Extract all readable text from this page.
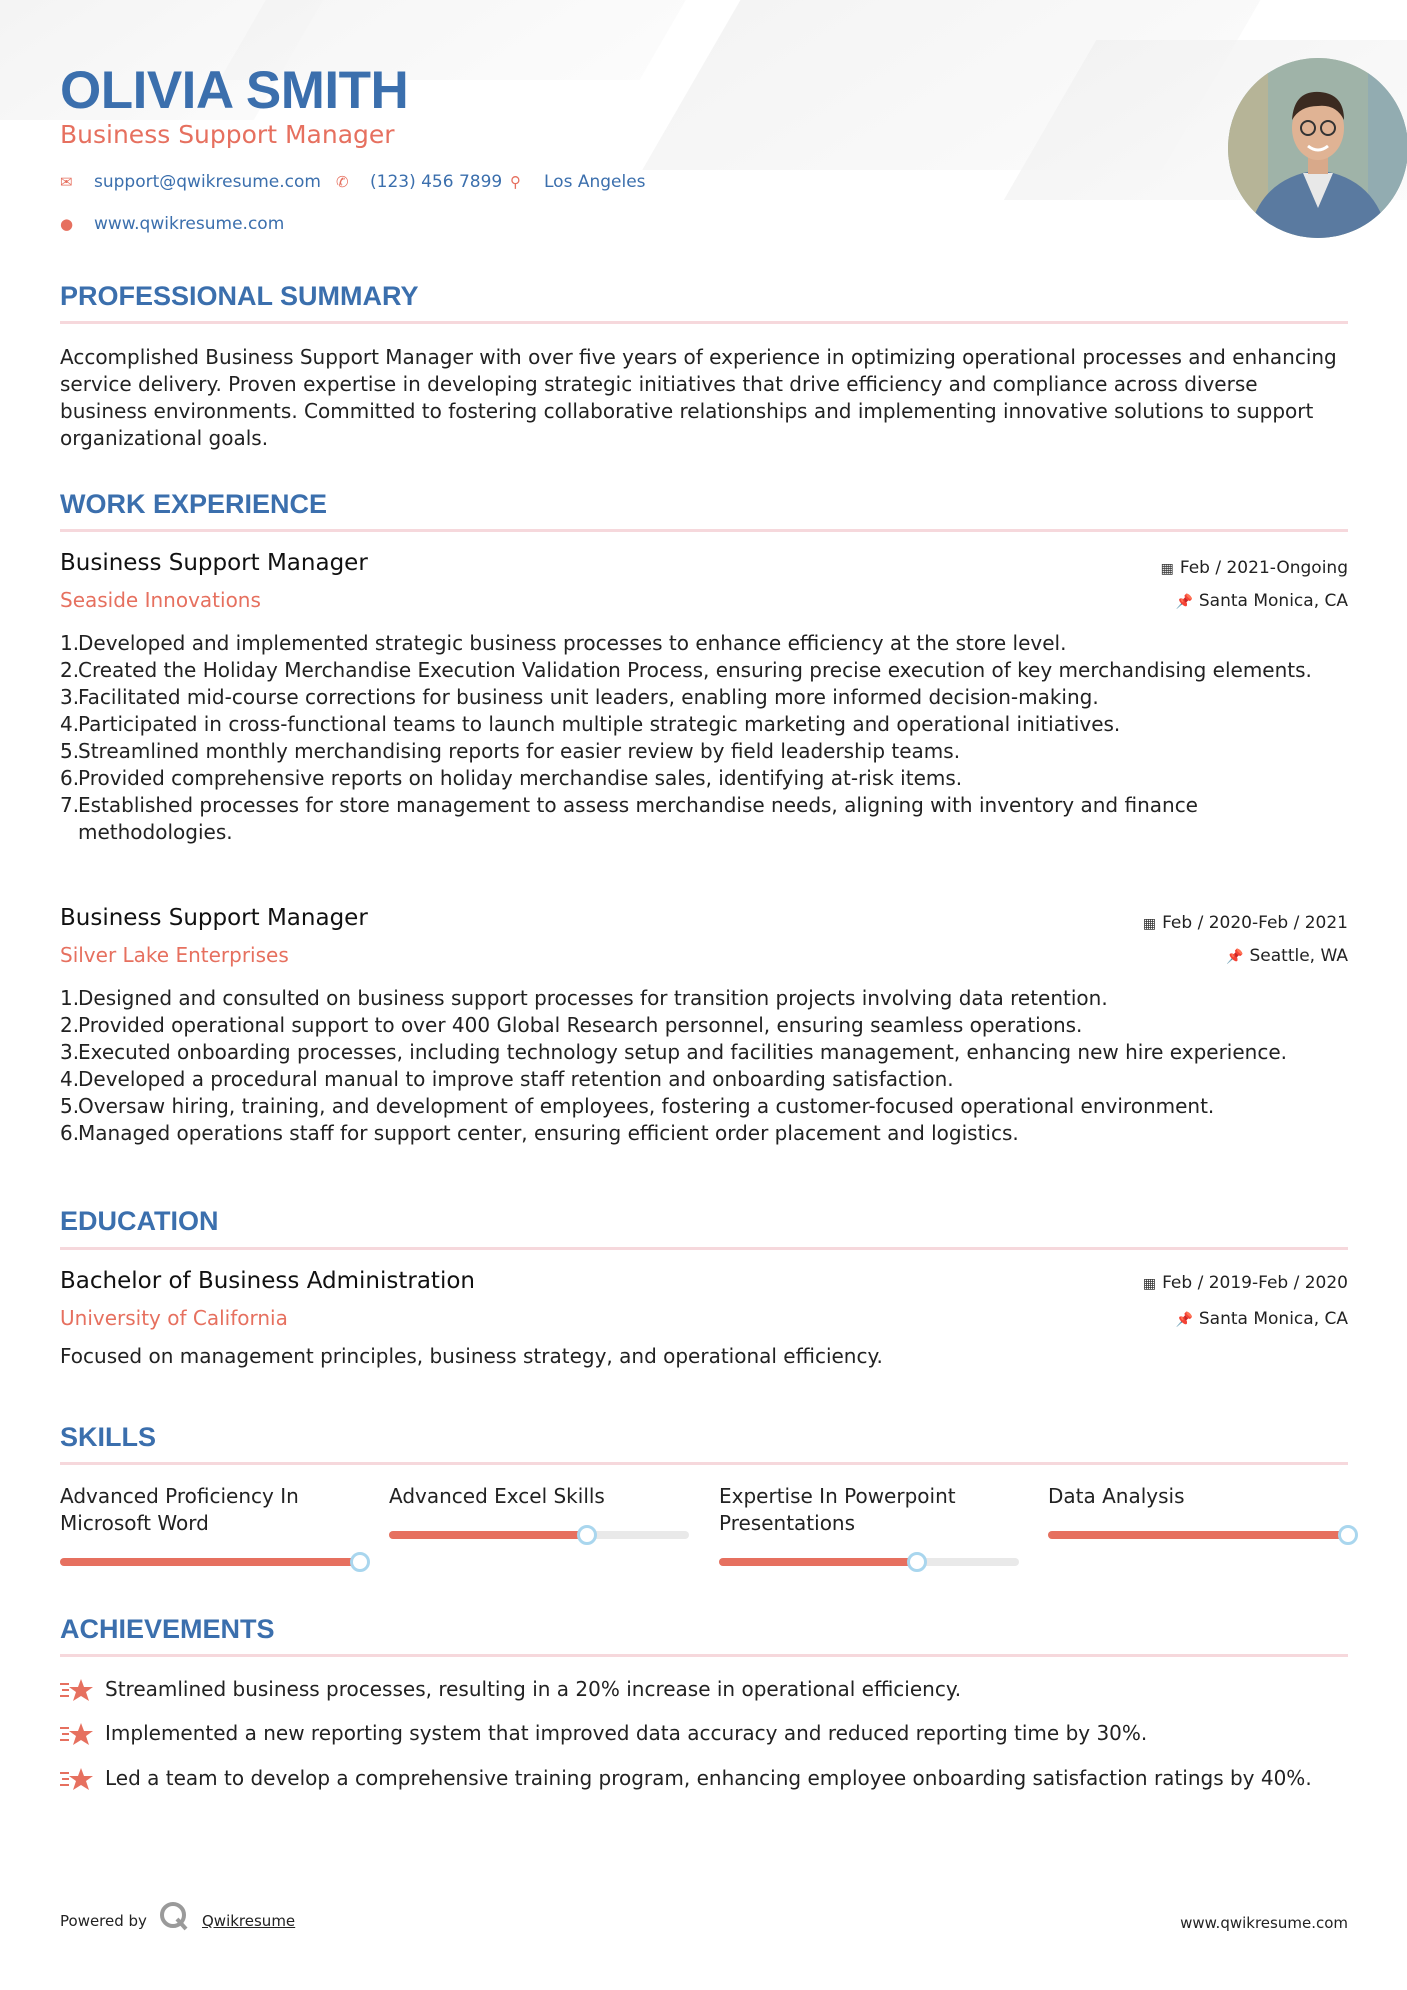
OLIVIA SMITH
Business Support Manager
✉ support@qwikresume.com ✆ (123) 456 7899 ⚲ Los Angeles
● www.qwikresume.com
PROFESSIONAL SUMMARY
Accomplished Business Support Manager with over five years of experience in optimizing operational processes and enhancing service delivery. Proven expertise in developing strategic initiatives that drive efficiency and compliance across diverse business environments. Committed to fostering collaborative relationships and implementing innovative solutions to support organizational goals.
WORK EXPERIENCE
Business Support Manager	▦ Feb / 2021-Ongoing
Seaside Innovations	📌 Santa Monica, CA
1.
Developed and implemented strategic business processes to enhance efficiency at the store level.
2.
Created the Holiday Merchandise Execution Validation Process, ensuring precise execution of key merchandising elements.
3.
Facilitated mid-course corrections for business unit leaders, enabling more informed decision-making.
4.
Participated in cross-functional teams to launch multiple strategic marketing and operational initiatives.
5.
Streamlined monthly merchandising reports for easier review by field leadership teams.
6.
Provided comprehensive reports on holiday merchandise sales, identifying at-risk items.
7.
Established processes for store management to assess merchandise needs, aligning with inventory and finance methodologies.
Business Support Manager	▦ Feb / 2020-Feb / 2021
Silver Lake Enterprises	📌 Seattle, WA
1.
Designed and consulted on business support processes for transition projects involving data retention.
2.
Provided operational support to over 400 Global Research personnel, ensuring seamless operations.
3.
Executed onboarding processes, including technology setup and facilities management, enhancing new hire experience.
4.
Developed a procedural manual to improve staff retention and onboarding satisfaction.
5.
Oversaw hiring, training, and development of employees, fostering a customer-focused operational environment.
6.
Managed operations staff for support center, ensuring efficient order placement and logistics.
EDUCATION
Bachelor of Business Administration	▦ Feb / 2019-Feb / 2020
University of California	📌 Santa Monica, CA
Focused on management principles, business strategy, and operational efficiency.
SKILLS
Advanced Proficiency In Microsoft Word
Advanced Excel Skills	Expertise In Powerpoint Presentations
Data Analysis
ACHIEVEMENTS
Streamlined business processes, resulting in a 20% increase in operational efficiency.
Implemented a new reporting system that improved data accuracy and reduced reporting time by 30%.
Led a team to develop a comprehensive training program, enhancing employee onboarding satisfaction ratings by 40%.
Powered by	Qwikresume	www.qwikresume.com
